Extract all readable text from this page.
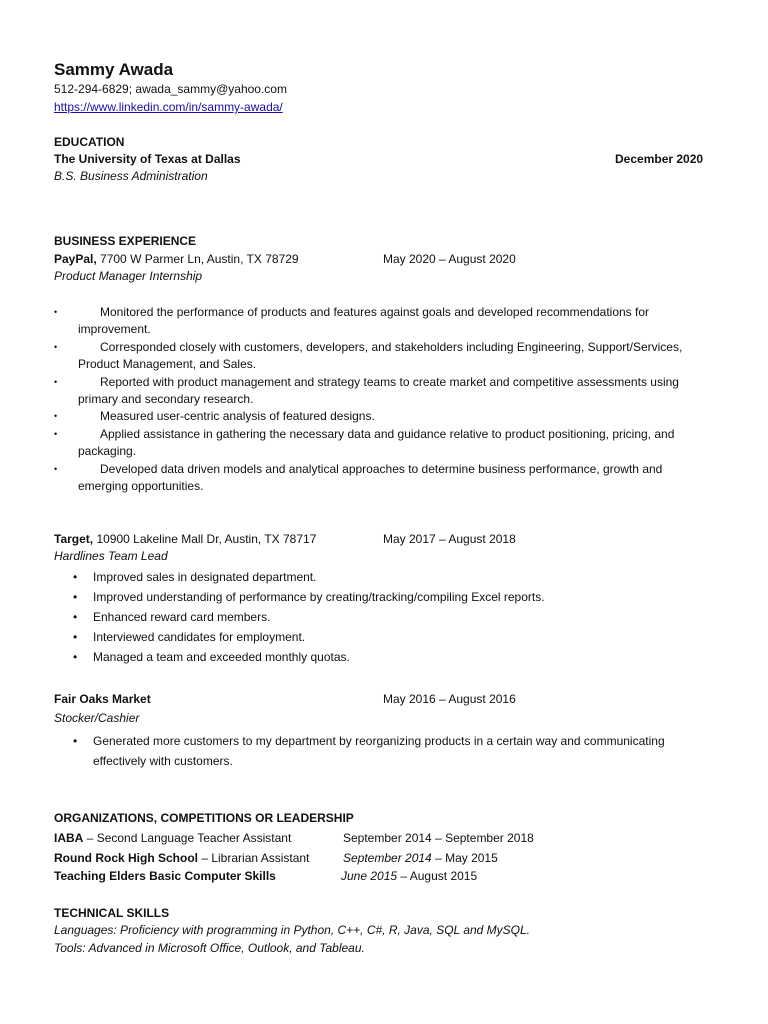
Sammy Awada
512-294-6829; awada_sammy@yahoo.com
https://www.linkedin.com/in/sammy-awada/
EDUCATION
The University of Texas at Dallas	December 2020
B.S. Business Administration
BUSINESS EXPERIENCE
PayPal, 7700 W Parmer Ln, Austin, TX 78729	May 2020 – August 2020
Product Manager Internship
•	Monitored the performance of products and features against goals and developed recommendations for improvement.
•	Corresponded closely with customers, developers, and stakeholders including Engineering, Support/Services, Product Management, and Sales.
•	Reported with product management and strategy teams to create market and competitive assessments using primary and secondary research.
•	Measured user-centric analysis of featured designs.
•	Applied assistance in gathering the necessary data and guidance relative to product positioning, pricing, and packaging.
•	Developed data driven models and analytical approaches to determine business performance, growth and emerging opportunities.
Target, 10900 Lakeline Mall Dr, Austin, TX 78717	May 2017 – August 2018
Hardlines Team Lead
• Improved sales in designated department.
• Improved understanding of performance by creating/tracking/compiling Excel reports.
• Enhanced reward card members.
• Interviewed candidates for employment.
• Managed a team and exceeded monthly quotas.
Fair Oaks Market	May 2016 – August 2016
Stocker/Cashier
• Generated more customers to my department by reorganizing products in a certain way and communicating effectively with customers.
ORGANIZATIONS, COMPETITIONS OR LEADERSHIP
IABA – Second Language Teacher Assistant	September 2014 – September 2018
Round Rock High School – Librarian Assistant	September 2014 – May 2015
Teaching Elders Basic Computer Skills	June 2015 – August 2015
TECHNICAL SKILLS
Languages: Proficiency with programming in Python, C++, C#, R, Java, SQL and MySQL.
Tools: Advanced in Microsoft Office, Outlook, and Tableau.
